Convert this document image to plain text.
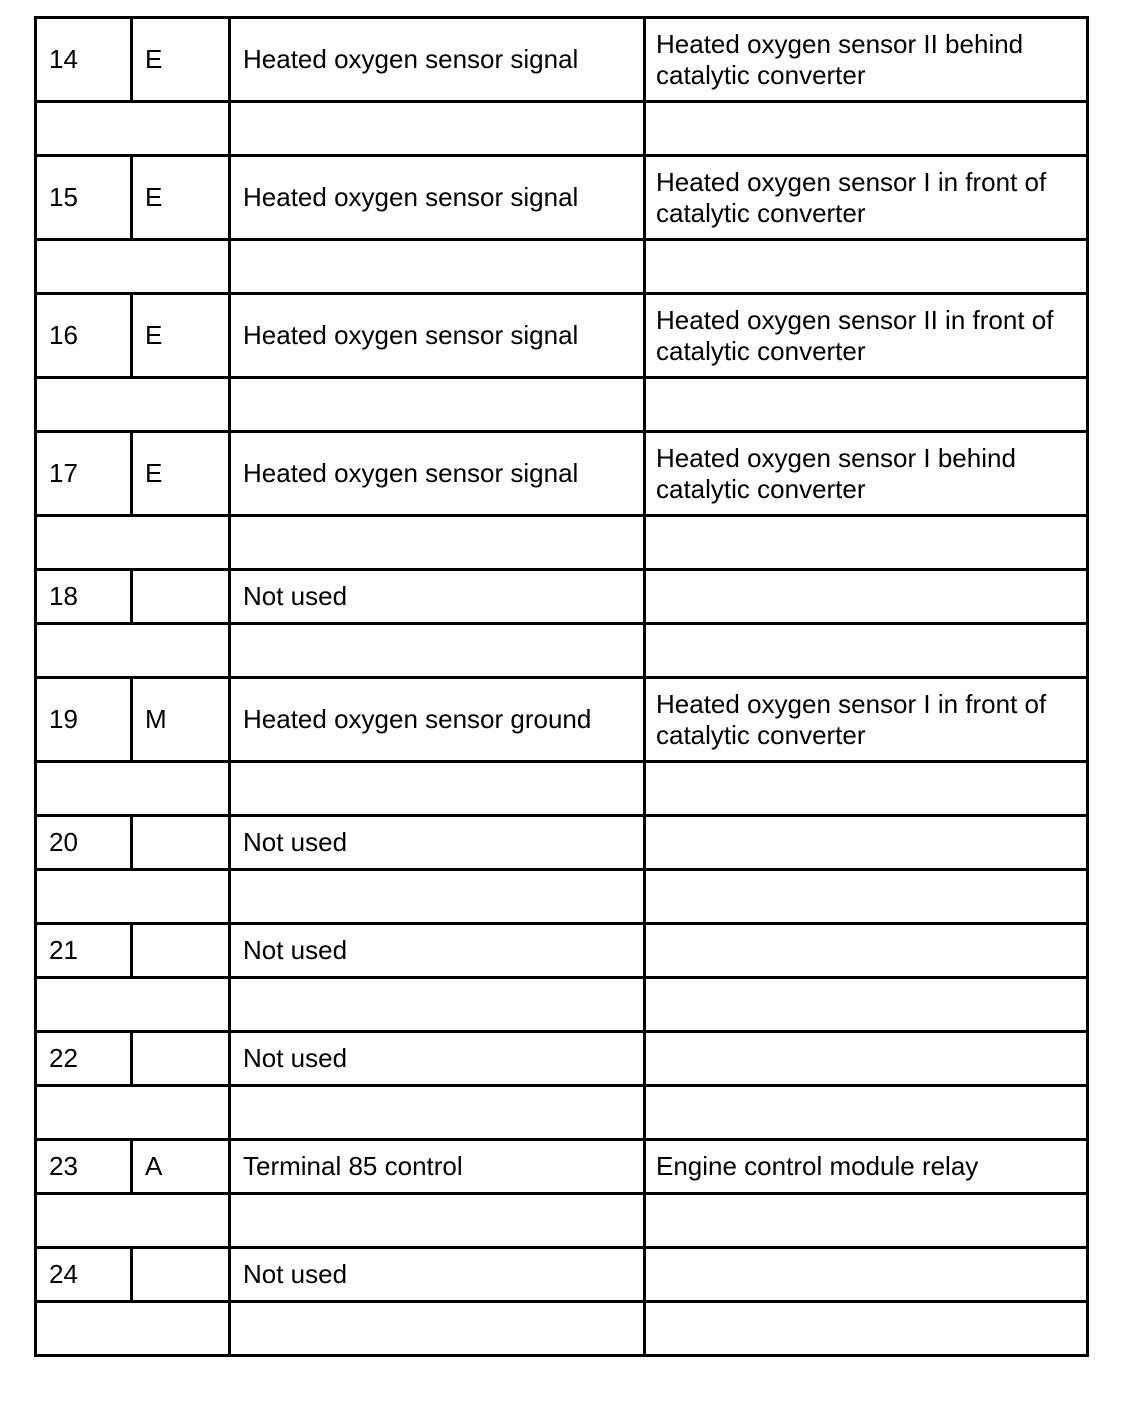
14	E	Heated oxygen sensor signal	Heated oxygen sensor II behind catalytic converter

15	E	Heated oxygen sensor signal	Heated oxygen sensor I in front of catalytic converter

16	E	Heated oxygen sensor signal	Heated oxygen sensor II in front of catalytic converter

17	E	Heated oxygen sensor signal	Heated oxygen sensor I behind catalytic converter

18		Not used	

19	M	Heated oxygen sensor ground	Heated oxygen sensor I in front of catalytic converter

20		Not used	

21		Not used	

22		Not used	

23	A	Terminal 85 control	Engine control module relay

24		Not used	
